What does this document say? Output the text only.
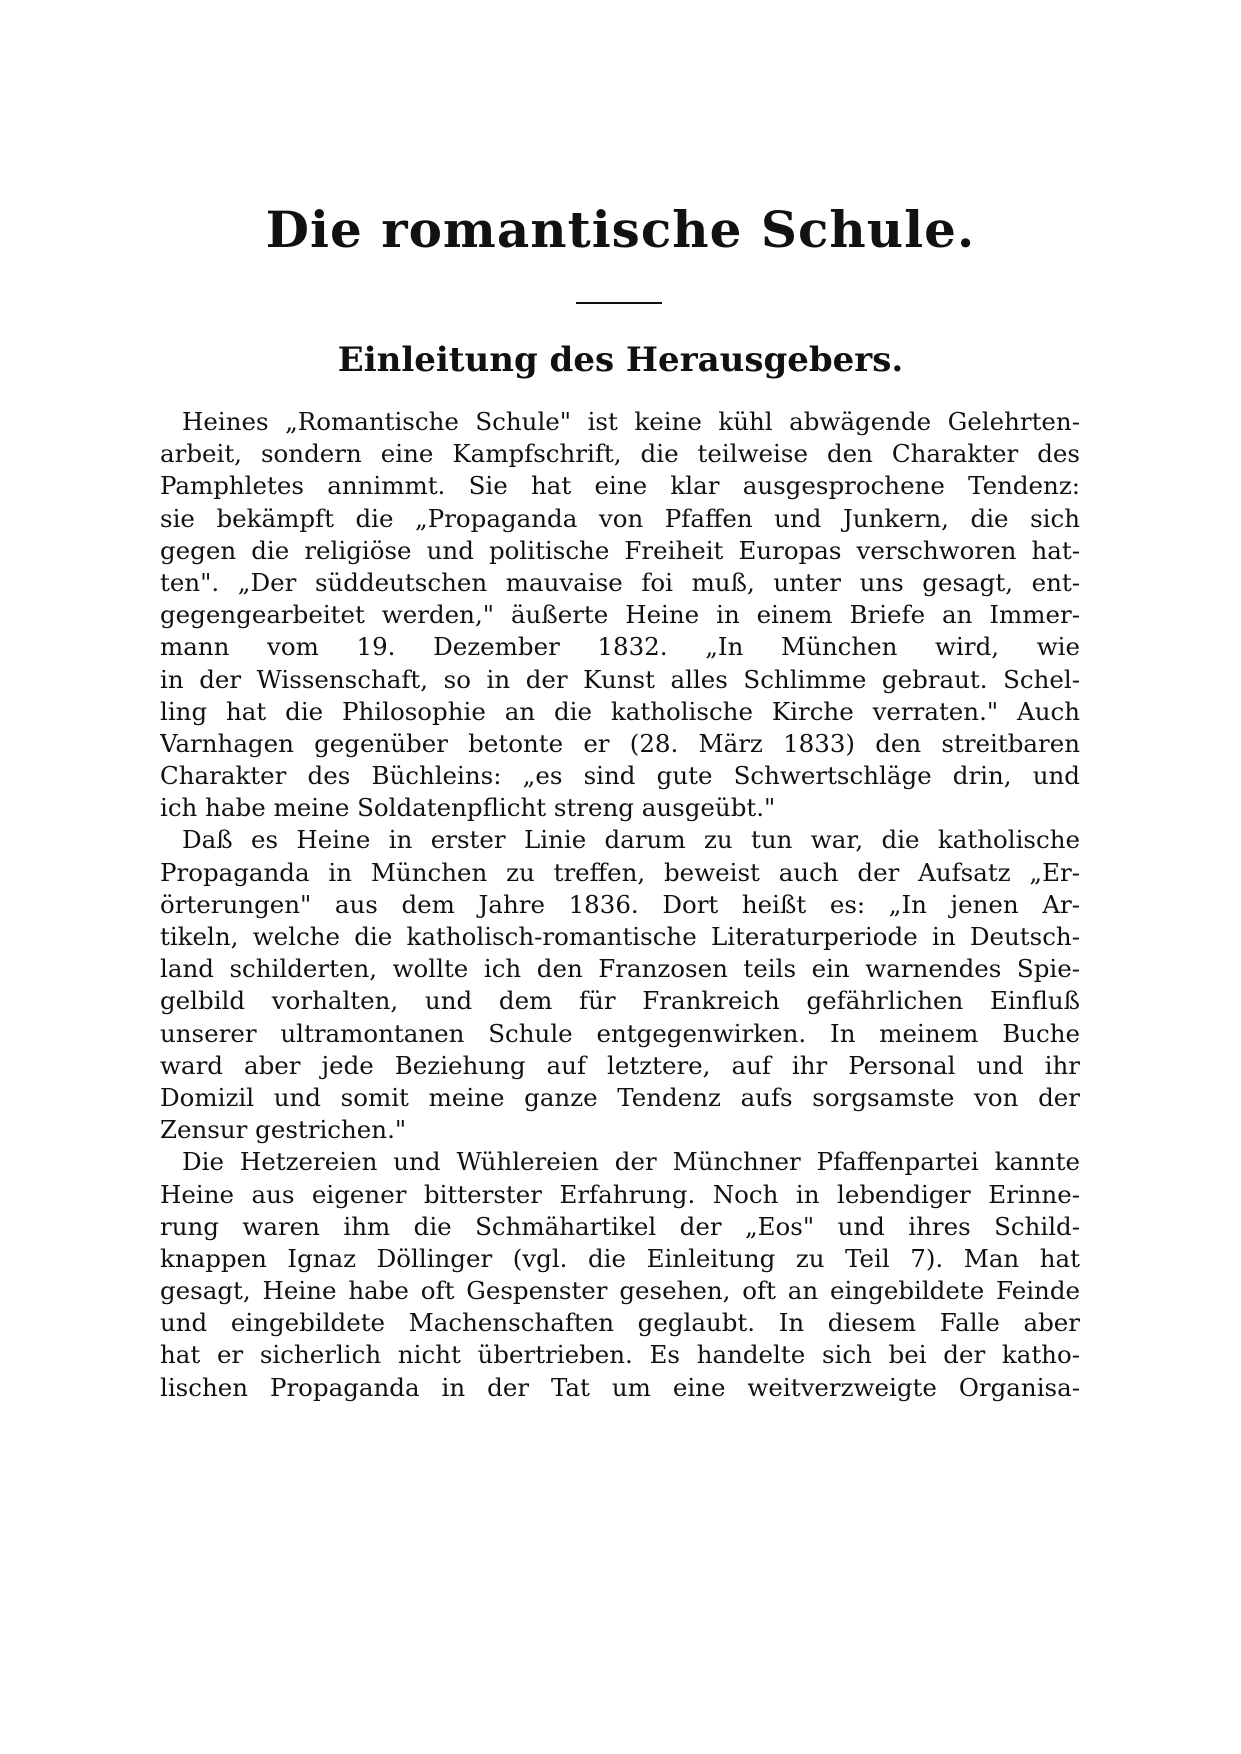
Die romantische Schule.
Einleitung des Herausgebers.

Heines „Romantische Schule" ist keine kühl abwägende Gelehrten-
arbeit, sondern eine Kampfschrift, die teilweise den Charakter des
Pamphletes annimmt. Sie hat eine klar ausgesprochene Tendenz:
sie bekämpft die „Propaganda von Pfaffen und Junkern, die sich
gegen die religiöse und politische Freiheit Europas verschworen hat-
ten". „Der süddeutschen mauvaise foi muß, unter uns gesagt, ent-
gegengearbeitet werden," äußerte Heine in einem Briefe an Immer-
mann vom 19. Dezember 1832. „In München wird, wie
in der Wissenschaft, so in der Kunst alles Schlimme gebraut. Schel-
ling hat die Philosophie an die katholische Kirche verraten." Auch
Varnhagen gegenüber betonte er (28. März 1833) den streitbaren
Charakter des Büchleins: „es sind gute Schwertschläge drin, und
ich habe meine Soldatenpflicht streng ausgeübt."

Daß es Heine in erster Linie darum zu tun war, die katholische
Propaganda in München zu treffen, beweist auch der Aufsatz „Er-
örterungen" aus dem Jahre 1836. Dort heißt es: „In jenen Ar-
tikeln, welche die katholisch-romantische Literaturperiode in Deutsch-
land schilderten, wollte ich den Franzosen teils ein warnendes Spie-
gelbild vorhalten, und dem für Frankreich gefährlichen Einfluß
unserer ultramontanen Schule entgegenwirken. In meinem Buche
ward aber jede Beziehung auf letztere, auf ihr Personal und ihr
Domizil und somit meine ganze Tendenz aufs sorgsamste von der
Zensur gestrichen."

Die Hetzereien und Wühlereien der Münchner Pfaffenpartei kannte
Heine aus eigener bitterster Erfahrung. Noch in lebendiger Erinne-
rung waren ihm die Schmähartikel der „Eos" und ihres Schild-
knappen Ignaz Döllinger (vgl. die Einleitung zu Teil 7). Man hat
gesagt, Heine habe oft Gespenster gesehen, oft an eingebildete Feinde
und eingebildete Machenschaften geglaubt. In diesem Falle aber
hat er sicherlich nicht übertrieben. Es handelte sich bei der katho-
lischen Propaganda in der Tat um eine weitverzweigte Organisa-
